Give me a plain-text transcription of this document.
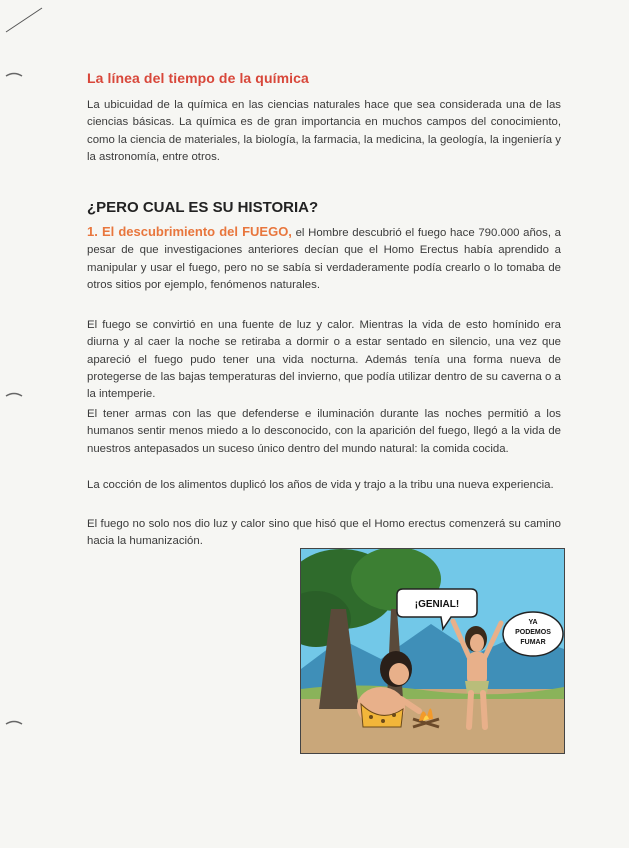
La línea del tiempo de la química

La ubicuidad de la química en las ciencias naturales hace que sea considerada una de las ciencias básicas. La química es de gran importancia en muchos campos del conocimiento, como la ciencia de materiales, la biología, la farmacia, la medicina, la geología, la ingeniería y la astronomía, entre otros.

¿PERO CUAL ES SU HISTORIA?

1. El descubrimiento del FUEGO, el Hombre descubrió el fuego hace 790.000 años, a pesar de que investigaciones anteriores decían que el Homo Erectus había aprendido a manipular y usar el fuego, pero no se sabía si verdaderamente podía crearlo o lo tomaba de otros sitios por ejemplo, fenómenos naturales.

El fuego se convirtió en una fuente de luz y calor. Mientras la vida de esto homínido era diurna y al caer la noche se retiraba a dormir o a estar sentado en silencio, una vez que apareció el fuego pudo tener una vida nocturna. Además tenía una forma nueva de protegerse de las bajas temperaturas del invierno, que podía utilizar dentro de su caverna o a la intemperie.

El tener armas con las que defenderse e iluminación durante las noches permitió a los humanos sentir menos miedo a lo desconocido, con la aparición del fuego, llegó a la vida de nuestros antepasados un suceso único dentro del mundo natural: la comida cocida.

La cocción de los alimentos duplicó los años de vida y trajo a la tribu una nueva experiencia.

El fuego no solo nos dio luz y calor sino que hisó que el Homo erectus comenzerá su camino hacia la humanización.

¡GENIAL!
YA
PODEMOS
FUMAR
